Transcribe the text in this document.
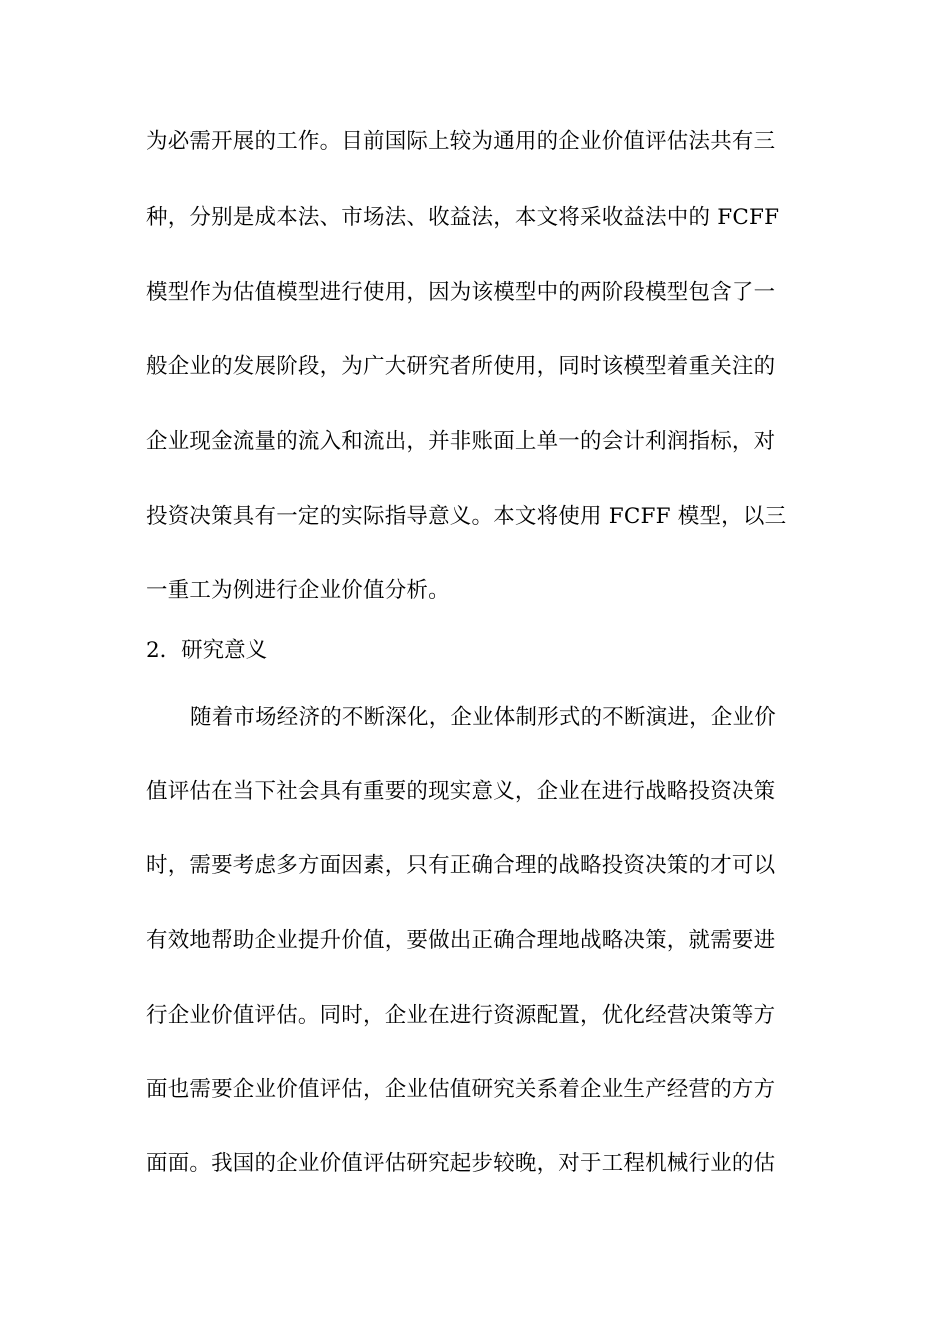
为必需开展的工作。目前国际上较为通用的企业价值评估法共有三
种，分别是成本法、市场法、收益法，本文将采收益法中的 FCFF
模型作为估值模型进行使用，因为该模型中的两阶段模型包含了一
般企业的发展阶段，为广大研究者所使用，同时该模型着重关注的
企业现金流量的流入和流出，并非账面上单一的会计利润指标，对
投资决策具有一定的实际指导意义。本文将使用 FCFF 模型，以三
一重工为例进行企业价值分析。
2．研究意义
随着市场经济的不断深化，企业体制形式的不断演进，企业价
值评估在当下社会具有重要的现实意义，企业在进行战略投资决策
时，需要考虑多方面因素，只有正确合理的战略投资决策的才可以
有效地帮助企业提升价值，要做出正确合理地战略决策，就需要进
行企业价值评估。同时，企业在进行资源配置，优化经营决策等方
面也需要企业价值评估，企业估值研究关系着企业生产经营的方方
面面。我国的企业价值评估研究起步较晚，对于工程机械行业的估
